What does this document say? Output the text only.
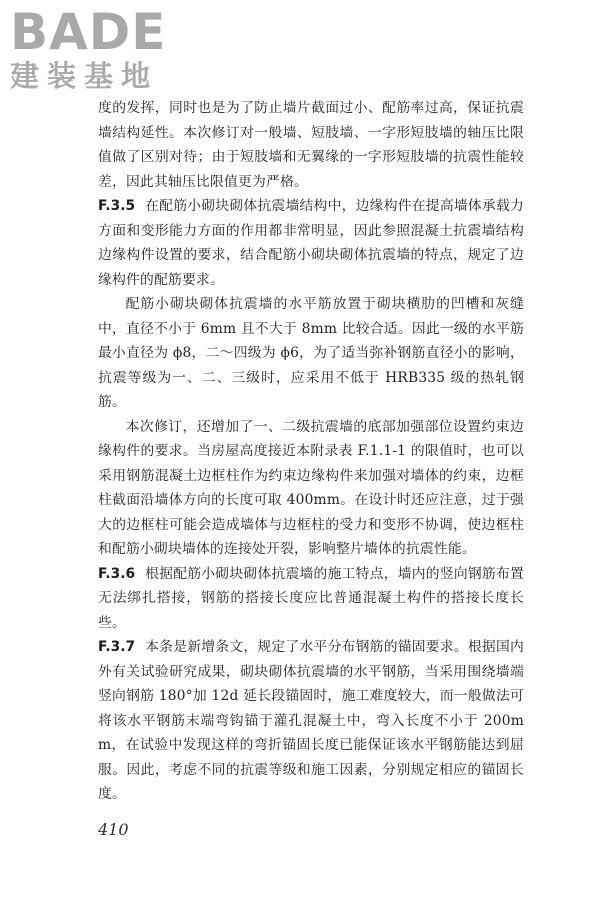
BADE
建装基地

度的发挥，同时也是为了防止墙片截面过小、配筋率过高，保证抗震墙结构延性。本次修订对一般墙、短肢墙、一字形短肢墙的轴压比限值做了区别对待；由于短肢墙和无翼缘的一字形短肢墙的抗震性能较差，因此其轴压比限值更为严格。

F.3.5 在配筋小砌块砌体抗震墙结构中，边缘构件在提高墙体承载力方面和变形能力方面的作用都非常明显，因此参照混凝土抗震墙结构边缘构件设置的要求，结合配筋小砌块砌体抗震墙的特点，规定了边缘构件的配筋要求。

配筋小砌块砌体抗震墙的水平筋放置于砌块横肋的凹槽和灰缝中，直径不小于 6mm 且不大于 8mm 比较合适。因此一级的水平筋最小直径为 ϕ8，二～四级为 ϕ6，为了适当弥补钢筋直径小的影响，抗震等级为一、二、三级时，应采用不低于 HRB335 级的热轧钢筋。

本次修订，还增加了一、二级抗震墙的底部加强部位设置约束边缘构件的要求。当房屋高度接近本附录表 F.1.1-1 的限值时，也可以采用钢筋混凝土边框柱作为约束边缘构件来加强对墙体的约束，边框柱截面沿墙体方向的长度可取 400mm。在设计时还应注意，过于强大的边框柱可能会造成墙体与边框柱的受力和变形不协调，使边框柱和配筋小砌块墙体的连接处开裂，影响整片墙体的抗震性能。

F.3.6 根据配筋小砌块砌体抗震墙的施工特点，墙内的竖向钢筋布置无法绑扎搭接，钢筋的搭接长度应比普通混凝土构件的搭接长度长些。

F.3.7 本条是新增条文，规定了水平分布钢筋的锚固要求。根据国内外有关试验研究成果，砌块砌体抗震墙的水平钢筋，当采用围绕墙端竖向钢筋 180°加 12d 延长段锚固时，施工难度较大，而一般做法可将该水平钢筋末端弯钩锚于灌孔混凝土中，弯入长度不小于 200mm，在试验中发现这样的弯折锚固长度已能保证该水平钢筋能达到屈服。因此，考虑不同的抗震等级和施工因素，分别规定相应的锚固长度。

410
